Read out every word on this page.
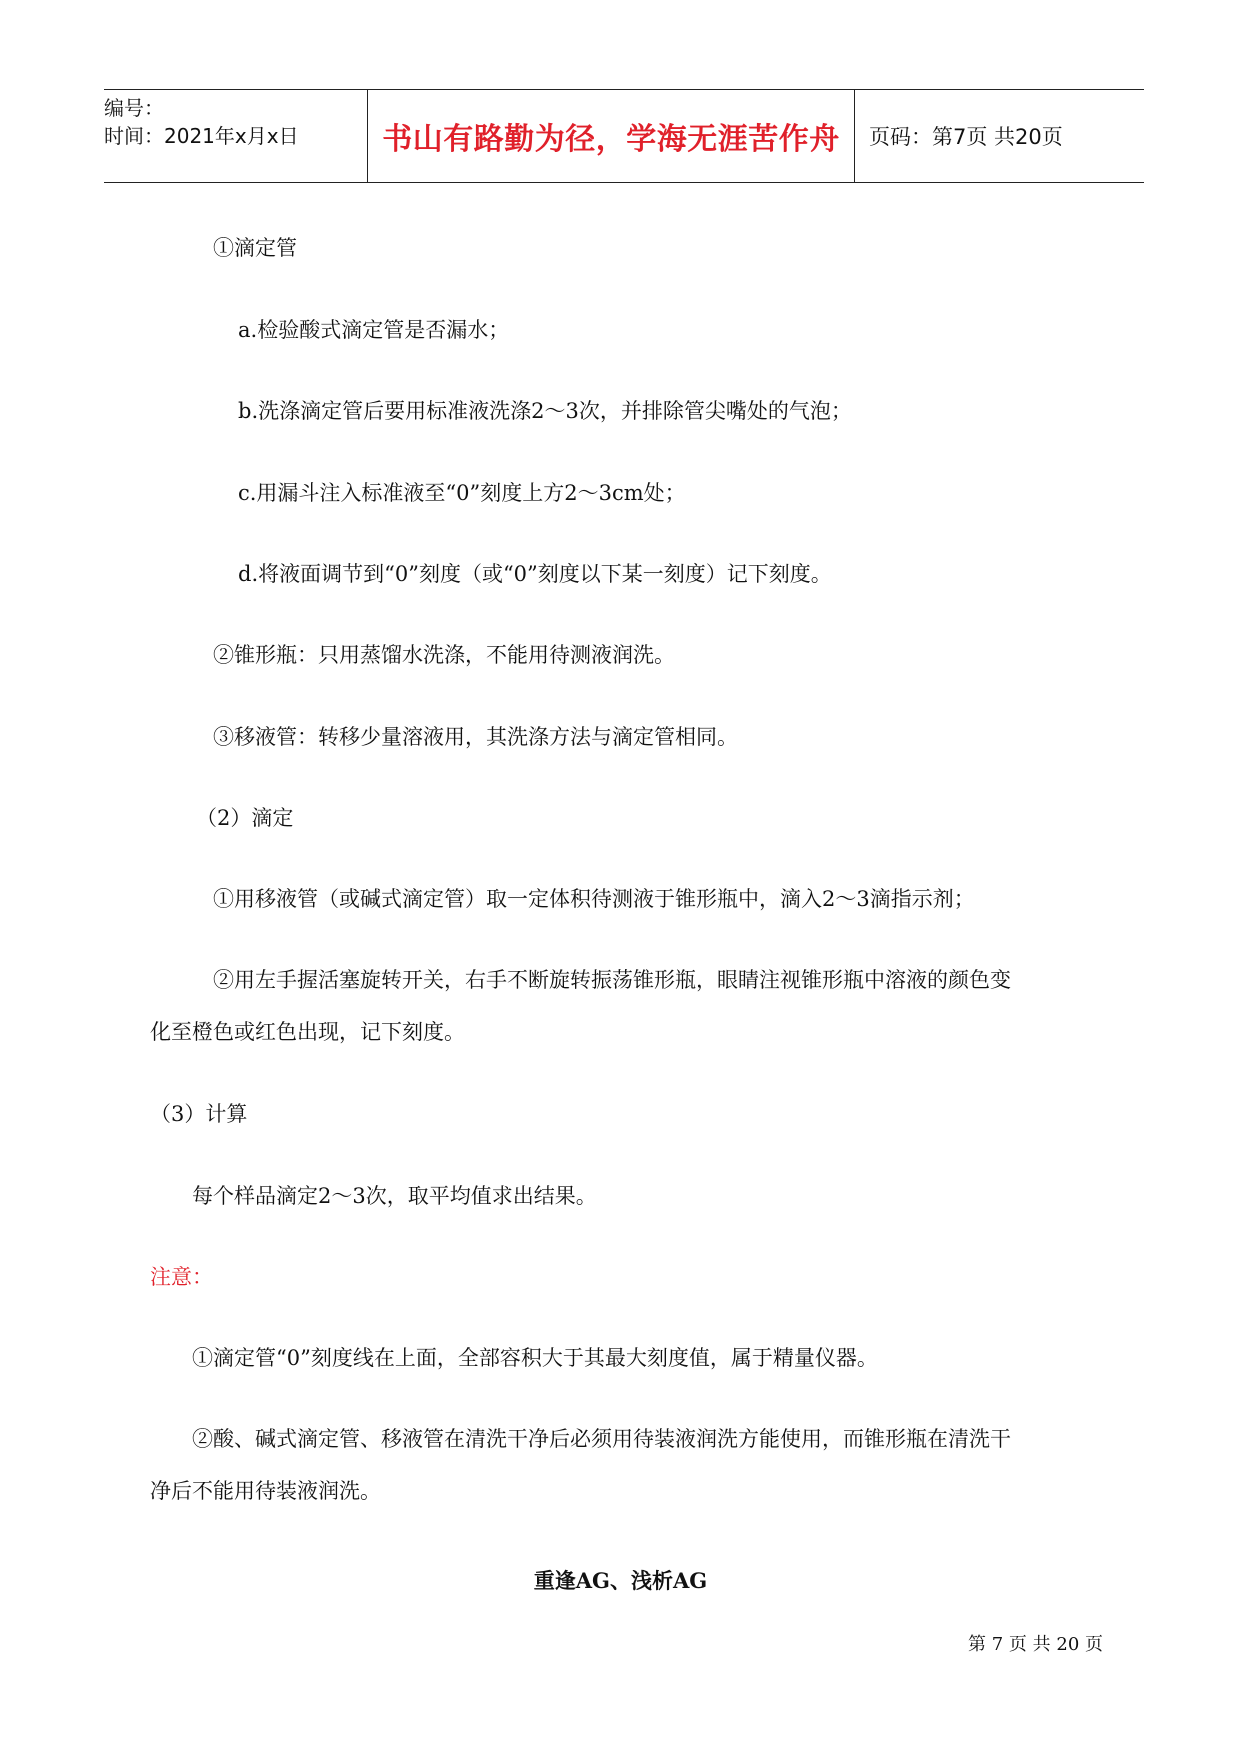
编号：
时间：2021年x月x日	书山有路勤为径，学海无涯苦作舟 页码：第7页 共20页
①滴定管
a.检验酸式滴定管是否漏水；
b.洗涤滴定管后要用标准液洗涤2～3次，并排除管尖嘴处的气泡；
c.用漏斗注入标准液至“0”刻度上方2～3cm处；
d.将液面调节到“0”刻度（或“0”刻度以下某一刻度）记下刻度。
②锥形瓶：只用蒸馏水洗涤，不能用待测液润洗。
③移液管：转移少量溶液用，其洗涤方法与滴定管相同。
（2）滴定
①用移液管（或碱式滴定管）取一定体积待测液于锥形瓶中，滴入2～3滴指示剂；
②用左手握活塞旋转开关，右手不断旋转振荡锥形瓶，眼睛注视锥形瓶中溶液的颜色变
化至橙色或红色出现，记下刻度。
（3）计算
每个样品滴定2～3次，取平均值求出结果。
注意：
①滴定管“0”刻度线在上面，全部容积大于其最大刻度值，属于精量仪器。
②酸、碱式滴定管、移液管在清洗干净后必须用待装液润洗方能使用，而锥形瓶在清洗干
净后不能用待装液润洗。
重逢AG、浅析AG
第 7 页 共 20 页
